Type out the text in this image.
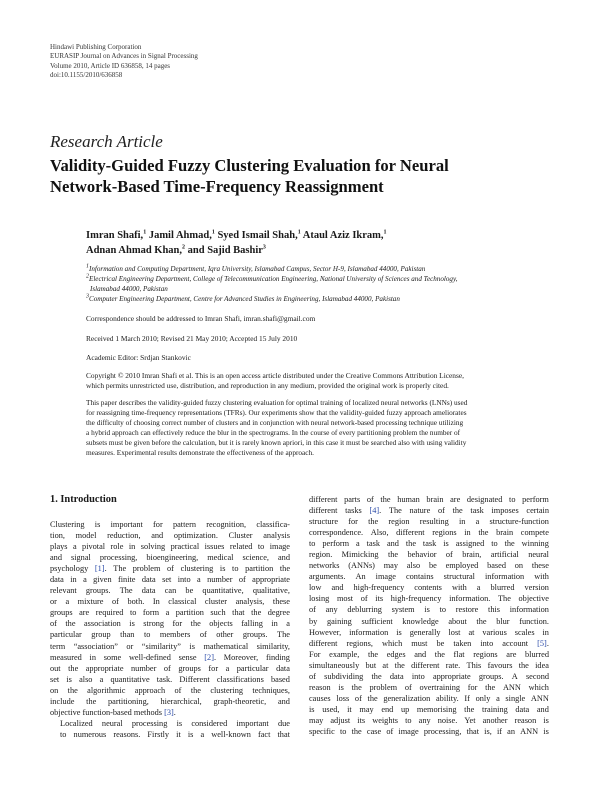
Hindawi Publishing Corporation
EURASIP Journal on Advances in Signal Processing
Volume 2010, Article ID 636858, 14 pages
doi:10.1155/2010/636858
Research Article
Validity-Guided Fuzzy Clustering Evaluation for Neural
Network-Based Time-Frequency Reassignment
Imran Shafi,$^1$ Jamil Ahmad,$^1$ Syed Ismail Shah,$^1$ Ataul Aziz Ikram,$^1$
Adnan Ahmad Khan,$^2$ and Sajid Bashir$^3$
$^1$Information and Computing Department, Iqra University, Islamabad Campus, Sector H-9, Islamabad 44000, Pakistan
$^2$Electrical Engineering Department, College of Telecommunication Engineering, National University of Sciences and Technology,
Islamabad 44000, Pakistan
$^3$Computer Engineering Department, Centre for Advanced Studies in Engineering, Islamabad 44000, Pakistan
Correspondence should be addressed to Imran Shafi, imran.shafi@gmail.com
Received 1 March 2010; Revised 21 May 2010; Accepted 15 July 2010
Academic Editor: Srdjan Stankovic
Copyright © 2010 Imran Shafi et al. This is an open access article distributed under the Creative Commons Attribution License,
which permits unrestricted use, distribution, and reproduction in any medium, provided the original work is properly cited.
This paper describes the validity-guided fuzzy clustering evaluation for optimal training of localized neural networks (LNNs) used
for reassigning time-frequency representations (TFRs). Our experiments show that the validity-guided fuzzy approach ameliorates
the difficulty of choosing correct number of clusters and in conjunction with neural network-based processing technique utilizing
a hybrid approach can effectively reduce the blur in the spectrograms. In the course of every partitioning problem the number of
subsets must be given before the calculation, but it is rarely known apriori, in this case it must be searched also with using validity
measures. Experimental results demonstrate the effectiveness of the approach.
1. Introduction
Clustering is important for pattern recognition, classifica-
tion, model reduction, and optimization. Cluster analysis
plays a pivotal role in solving practical issues related to image
and signal processing, bioengineering, medical science, and
psychology [1]. The problem of clustering is to partition the
data in a given finite data set into a number of appropriate
relevant groups. The data can be quantitative, qualitative,
or a mixture of both. In classical cluster analysis, these
groups are required to form a partition such that the degree
of the association is strong for the objects falling in a
particular group than to members of other groups. The
term “association” or “similarity” is mathematical similarity,
measured in some well-defined sense [2]. Moreover, finding
out the appropriate number of groups for a particular data
set is also a quantitative task. Different classifications based
on the algorithmic approach of the clustering techniques,
include the partitioning, hierarchical, graph-theoretic, and
objective function-based methods [3].
Localized neural processing is considered important due
to numerous reasons. Firstly it is a well-known fact that
different parts of the human brain are designated to perform
different tasks [4]. The nature of the task imposes certain
structure for the region resulting in a structure-function
correspondence. Also, different regions in the brain compete
to perform a task and the task is assigned to the winning
region. Mimicking the behavior of brain, artificial neural
networks (ANNs) may also be employed based on these
arguments. An image contains structural information with
low and high-frequency contents with a blurred version
losing most of its high-frequency information. The objective
of any deblurring system is to restore this information
by gaining sufficient knowledge about the blur function.
However, information is generally lost at various scales in
different regions, which must be taken into account [5].
For example, the edges and the flat regions are blurred
simultaneously but at the different rate. This favours the idea
of subdividing the data into appropriate groups. A second
reason is the problem of overtraining for the ANN which
causes loss of the generalization ability. If only a single ANN
is used, it may end up memorising the training data and
may adjust its weights to any noise. Yet another reason is
specific to the case of image processing, that is, if an ANN is
